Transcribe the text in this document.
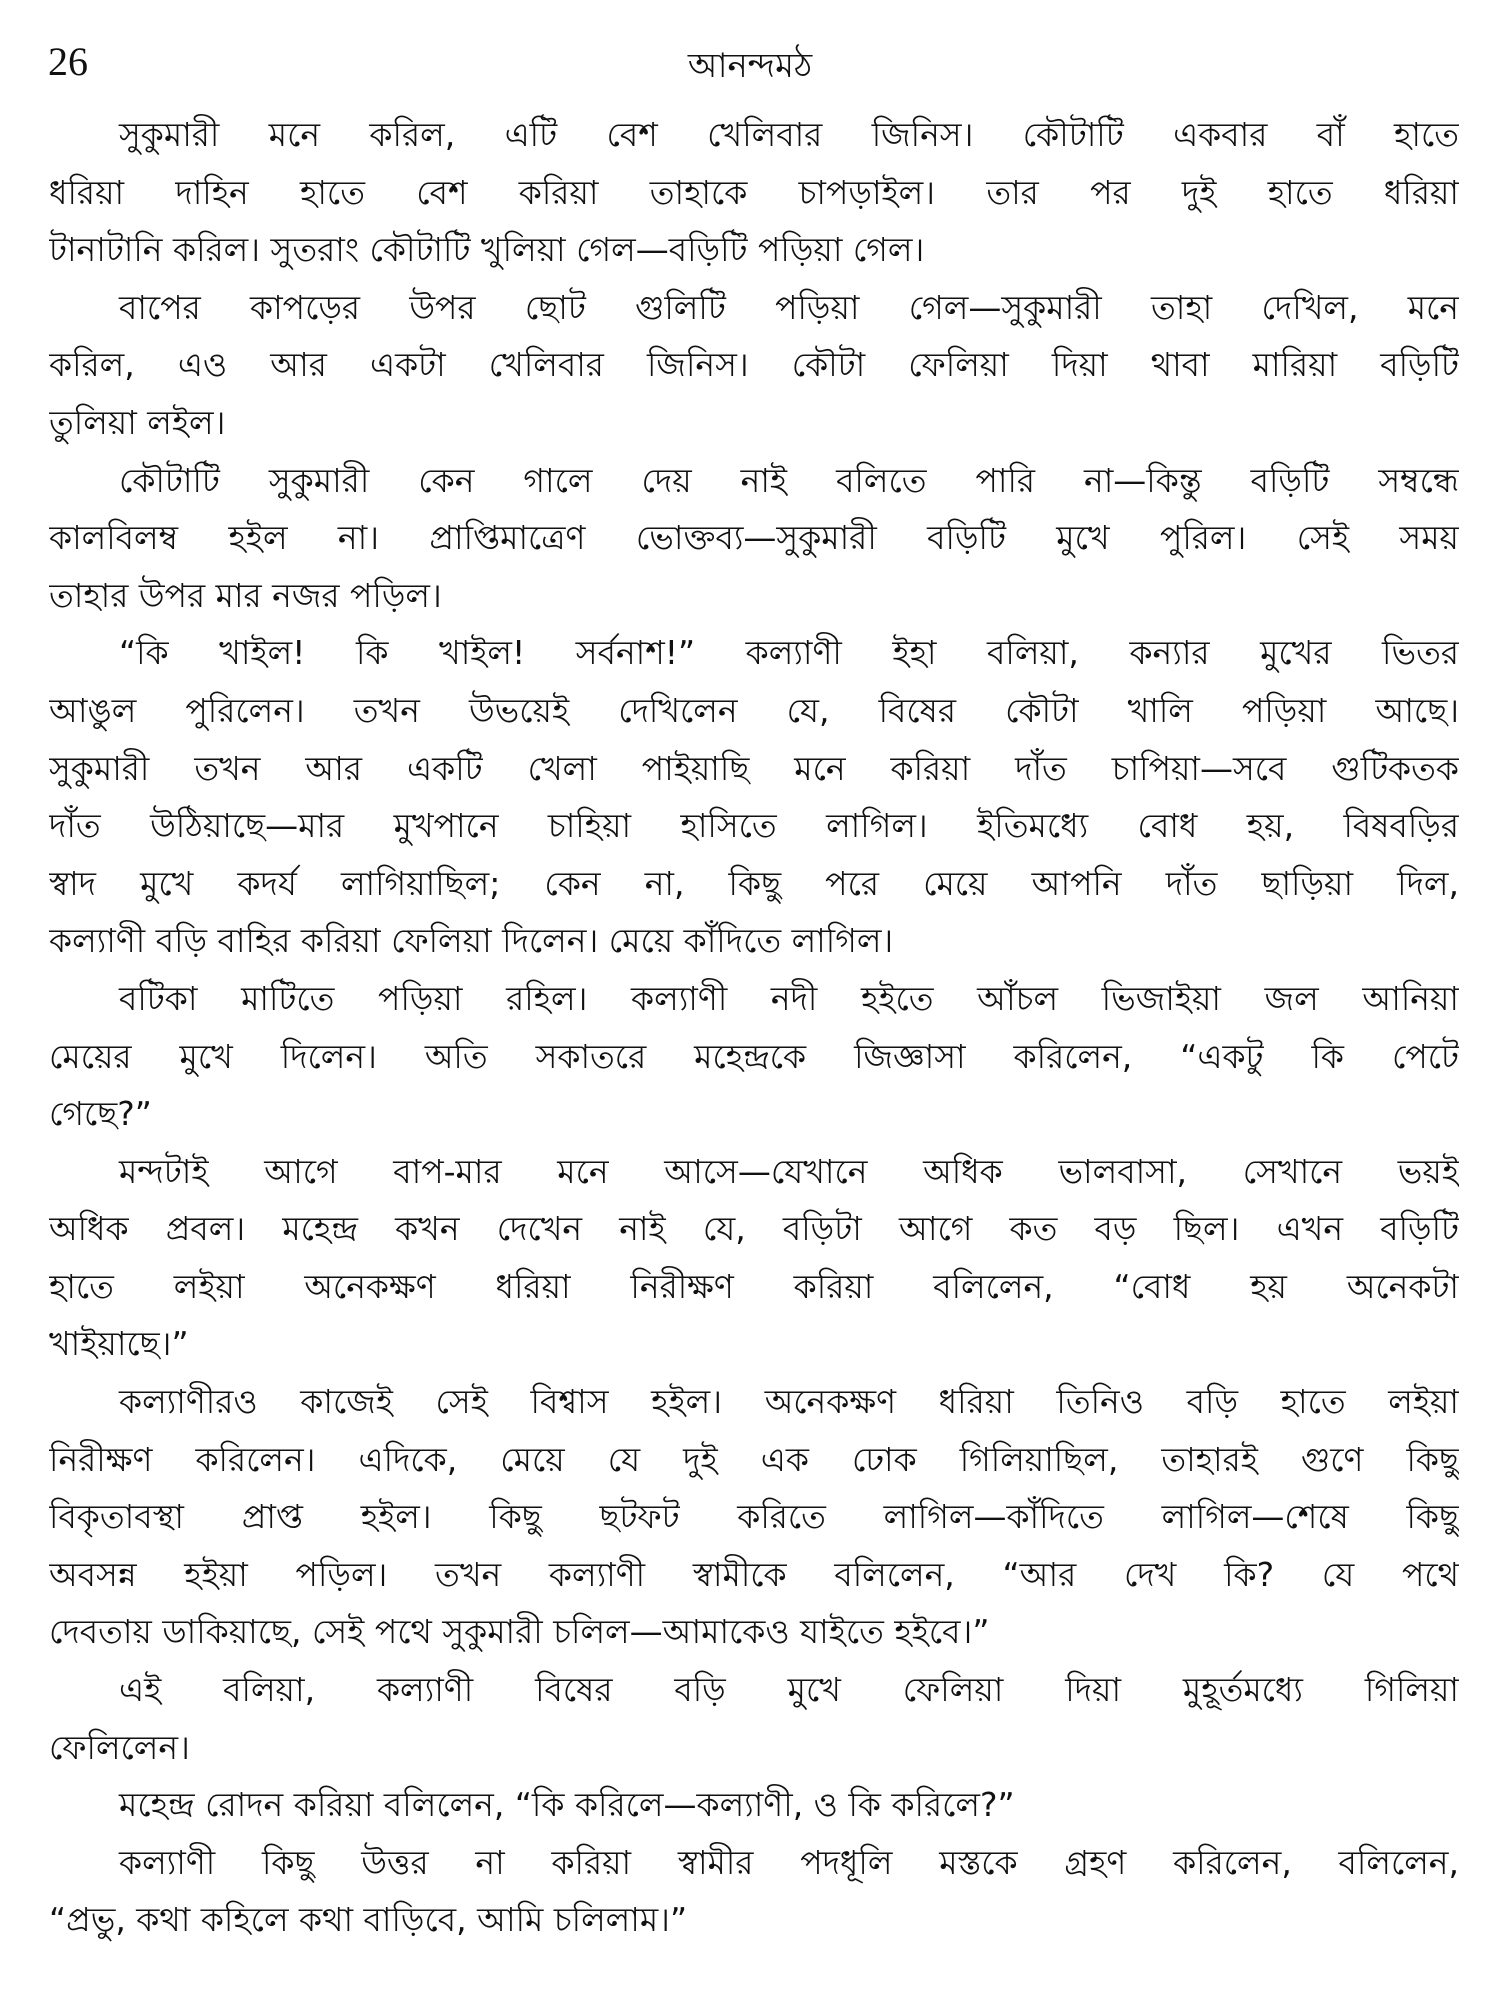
26	আনন্দমঠ
সুকুমারী মনে করিল, এটি বেশ খেলিবার জিনিস। কৌটাটি একবার বাঁ হাতে
ধরিয়া দাহিন হাতে বেশ করিয়া তাহাকে চাপড়াইল। তার পর দুই হাতে ধরিয়া
টানাটানি করিল। সুতরাং কৌটাটি খুলিয়া গেল—বড়িটি পড়িয়া গেল।
বাপের কাপড়ের উপর ছোট গুলিটি পড়িয়া গেল—সুকুমারী তাহা দেখিল, মনে
করিল, এও আর একটা খেলিবার জিনিস। কৌটা ফেলিয়া দিয়া থাবা মারিয়া বড়িটি
তুলিয়া লইল।
কৌটাটি সুকুমারী কেন গালে দেয় নাই বলিতে পারি না—কিন্তু বড়িটি সম্বন্ধে
কালবিলম্ব হইল না। প্রাপ্তিমাত্রেণ ভোক্তব্য—সুকুমারী বড়িটি মুখে পুরিল। সেই সময়
তাহার উপর মার নজর পড়িল।
“কি খাইল! কি খাইল! সর্বনাশ!” কল্যাণী ইহা বলিয়া, কন্যার মুখের ভিতর
আঙুল পুরিলেন। তখন উভয়েই দেখিলেন যে, বিষের কৌটা খালি পড়িয়া আছে।
সুকুমারী তখন আর একটি খেলা পাইয়াছি মনে করিয়া দাঁত চাপিয়া—সবে গুটিকতক
দাঁত উঠিয়াছে—মার মুখপানে চাহিয়া হাসিতে লাগিল। ইতিমধ্যে বোধ হয়, বিষবড়ির
স্বাদ মুখে কদর্য লাগিয়াছিল; কেন না, কিছু পরে মেয়ে আপনি দাঁত ছাড়িয়া দিল,
কল্যাণী বড়ি বাহির করিয়া ফেলিয়া দিলেন। মেয়ে কাঁদিতে লাগিল।
বটিকা মাটিতে পড়িয়া রহিল। কল্যাণী নদী হইতে আঁচল ভিজাইয়া জল আনিয়া
মেয়ের মুখে দিলেন। অতি সকাতরে মহেন্দ্রকে জিজ্ঞাসা করিলেন, “একটু কি পেটে
গেছে?”
মন্দটাই আগে বাপ-মার মনে আসে—যেখানে অধিক ভালবাসা, সেখানে ভয়ই
অধিক প্রবল। মহেন্দ্র কখন দেখেন নাই যে, বড়িটা আগে কত বড় ছিল। এখন বড়িটি
হাতে লইয়া অনেকক্ষণ ধরিয়া নিরীক্ষণ করিয়া বলিলেন, “বোধ হয় অনেকটা
খাইয়াছে।”
কল্যাণীরও কাজেই সেই বিশ্বাস হইল। অনেকক্ষণ ধরিয়া তিনিও বড়ি হাতে লইয়া
নিরীক্ষণ করিলেন। এদিকে, মেয়ে যে দুই এক ঢোক গিলিয়াছিল, তাহারই গুণে কিছু
বিকৃতাবস্থা প্রাপ্ত হইল। কিছু ছটফট করিতে লাগিল—কাঁদিতে লাগিল—শেষে কিছু
অবসন্ন হইয়া পড়িল। তখন কল্যাণী স্বামীকে বলিলেন, “আর দেখ কি? যে পথে
দেবতায় ডাকিয়াছে, সেই পথে সুকুমারী চলিল—আমাকেও যাইতে হইবে।”
এই বলিয়া, কল্যাণী বিষের বড়ি মুখে ফেলিয়া দিয়া মুহূর্তমধ্যে গিলিয়া
ফেলিলেন।
মহেন্দ্র রোদন করিয়া বলিলেন, “কি করিলে—কল্যাণী, ও কি করিলে?”
কল্যাণী কিছু উত্তর না করিয়া স্বামীর পদধূলি মস্তকে গ্রহণ করিলেন, বলিলেন,
“প্রভু, কথা কহিলে কথা বাড়িবে, আমি চলিলাম।”
